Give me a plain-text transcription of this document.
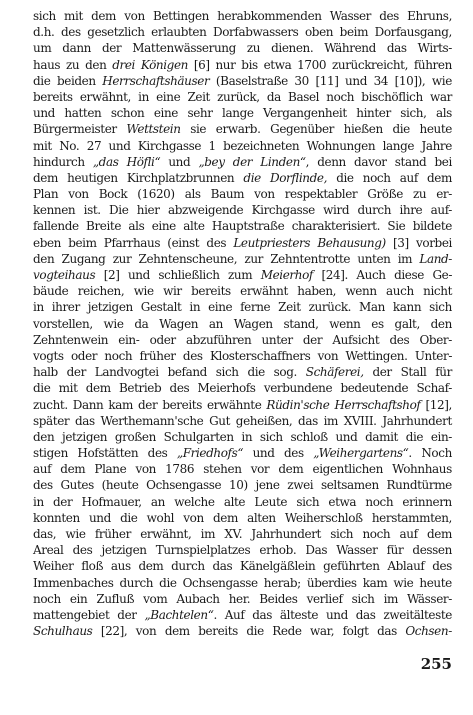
sich mit dem von Bettingen herabkommenden Wasser des Ehruns,
d.h. des gesetzlich erlaubten Dorfabwassers oben beim Dorfausgang,
um dann der Mattenwässerung zu dienen. Während das Wirts-
haus zu den drei Königen [6] nur bis etwa 1700 zurückreicht, führen
die beiden Herrschaftshäuser (Baselstraße 30 [11] und 34 [10]), wie
bereits erwähnt, in eine Zeit zurück, da Basel noch bischöflich war
und hatten schon eine sehr lange Vergangenheit hinter sich, als
Bürgermeister Wettstein sie erwarb. Gegenüber hießen die heute
mit No. 27 und Kirchgasse 1 bezeichneten Wohnungen lange Jahre
hindurch „das Höfli“ und „bey der Linden“, denn davor stand bei
dem heutigen Kirchplatzbrunnen die Dorflinde, die noch auf dem
Plan von Bock (1620) als Baum von respektabler Größe zu er-
kennen ist. Die hier abzweigende Kirchgasse wird durch ihre auf-
fallende Breite als eine alte Hauptstraße charakterisiert. Sie bildete
eben beim Pfarrhaus (einst des Leutpriesters Behausung) [3] vorbei
den Zugang zur Zehntenscheune, zur Zehntentrotte unten im Land-
vogteihaus [2] und schließlich zum Meierhof [24]. Auch diese Ge-
bäude reichen, wie wir bereits erwähnt haben, wenn auch nicht
in ihrer jetzigen Gestalt in eine ferne Zeit zurück. Man kann sich
vorstellen, wie da Wagen an Wagen stand, wenn es galt, den
Zehntenwein ein- oder abzuführen unter der Aufsicht des Ober-
vogts oder noch früher des Klosterschaffners von Wettingen. Unter-
halb der Landvogtei befand sich die sog. Schäferei, der Stall für
die mit dem Betrieb des Meierhofs verbundene bedeutende Schaf-
zucht. Dann kam der bereits erwähnte Rüdin'sche Herrschaftshof [12],
später das Werthemann'sche Gut geheißen, das im XVIII. Jahrhundert
den jetzigen großen Schulgarten in sich schloß und damit die ein-
stigen Hofstätten des „Friedhofs“ und des „Weihergartens“. Noch
auf dem Plane von 1786 stehen vor dem eigentlichen Wohnhaus
des Gutes (heute Ochsengasse 10) jene zwei seltsamen Rundtürme
in der Hofmauer, an welche alte Leute sich etwa noch erinnern
konnten und die wohl von dem alten Weiherschloß herstammten,
das, wie früher erwähnt, im XV. Jahrhundert sich noch auf dem
Areal des jetzigen Turnspielplatzes erhob. Das Wasser für dessen
Weiher floß aus dem durch das Känelgäßlein geführten Ablauf des
Immenbaches durch die Ochsengasse herab; überdies kam wie heute
noch ein Zufluß vom Aubach her. Beides verlief sich im Wässer-
mattengebiet der „Bachtelen“. Auf das älteste und das zweitälteste
Schulhaus [22], von dem bereits die Rede war, folgt das Ochsen-
255
